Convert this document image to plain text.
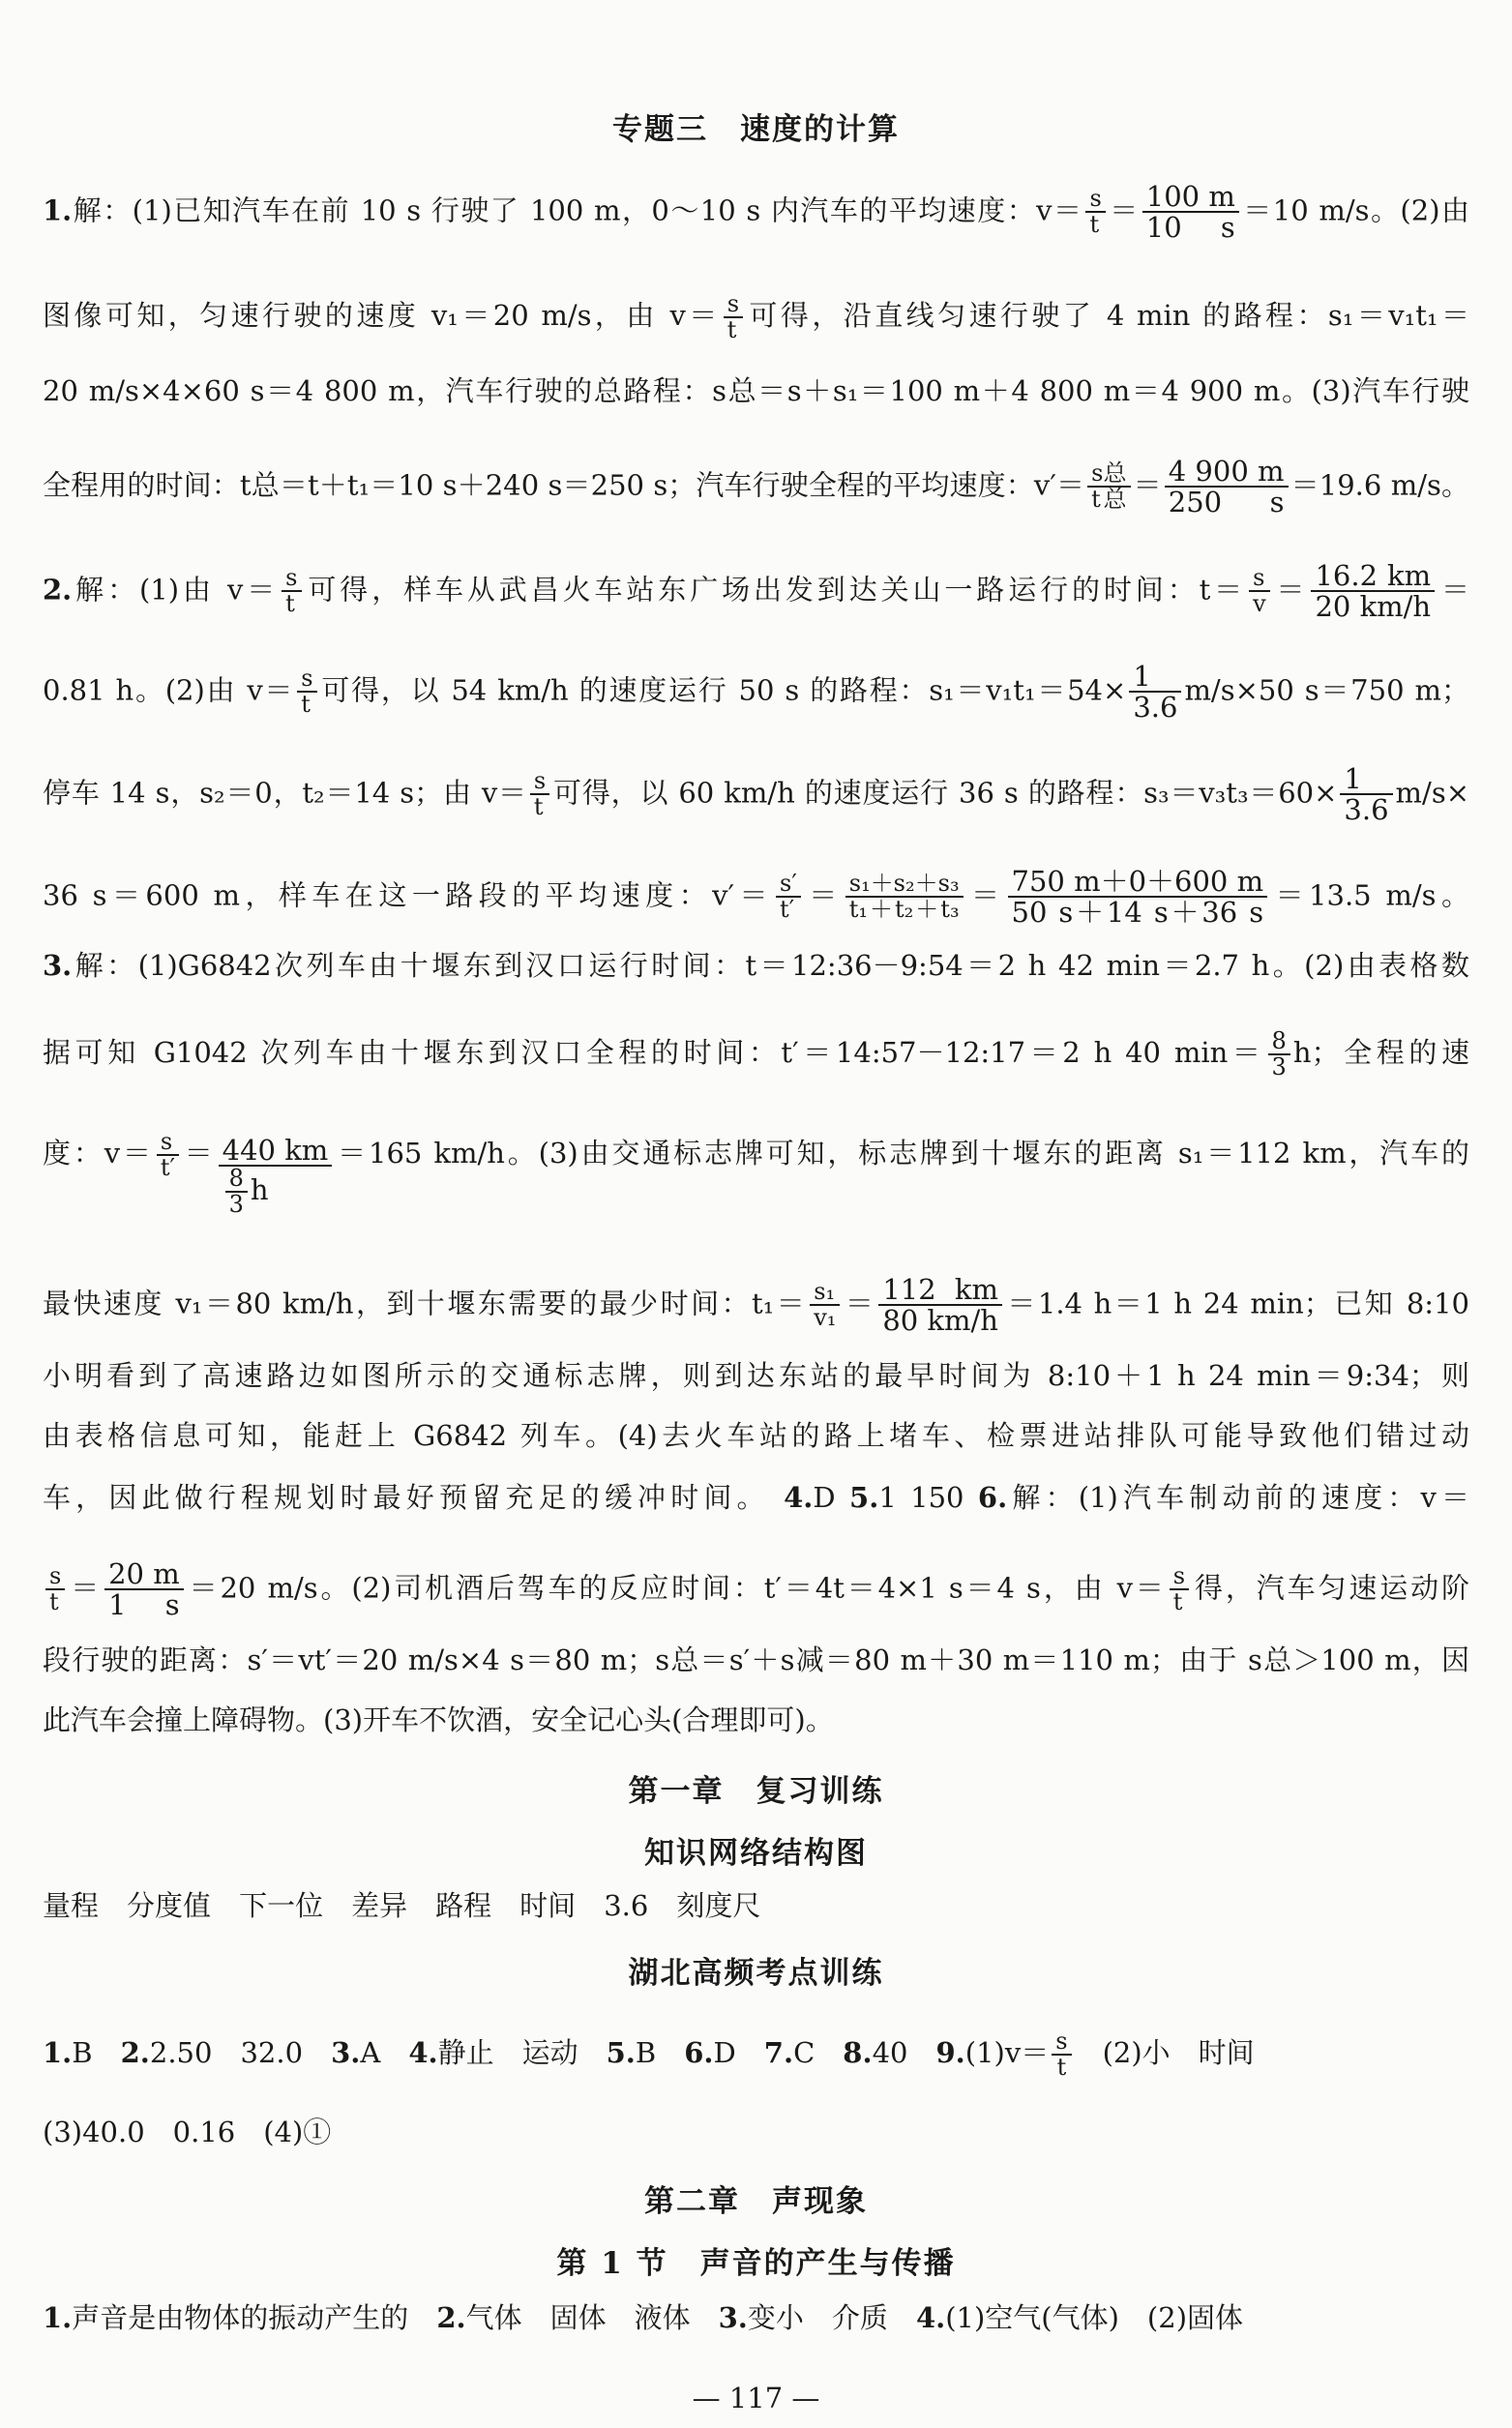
专题三　速度的计算
1.解：(1)已知汽车在前 10 s 行驶了 100 m，0～10 s 内汽车的平均速度：$v= \frac{s}{t} = \frac{100 m}{10 s} =10$ m/s。(2)由
图像可知，匀速行驶的速度 v₁＝20 m/s，由 $v= \frac{s}{t}$ 可得，沿直线匀速行驶了 4 min 的路程：s₁＝v₁t₁＝
20 m/s×4×60 s＝4 800 m，汽车行驶的总路程：s总＝s＋s₁＝100 m＋4 800 m＝4 900 m。(3)汽车行驶
全程用的时间：t总＝t＋t₁＝10 s＋240 s＝250 s；汽车行驶全程的平均速度：$v'= \frac{\text{s总}}{\text{t总}} = \frac{4 900 m}{250 s} =19.6$ m/s。
2.解：(1)由 $v= \frac{s}{t}$ 可得，样车从武昌火车站东广场出发到达关山一路运行的时间：$t= \frac{s}{v} = \frac{16.2 km}{20 km/h}$ ＝
0.81 h。(2)由 $v= \frac{s}{t}$ 可得，以 54 km/h 的速度运行 50 s 的路程：$s_1=v_1t_1=54\times \frac{1}{3.6} m/s\times 50$ s＝750 m；
停车 14 s，s₂＝0，t₂＝14 s；由 $v= \frac{s}{t}$ 可得，以 60 km/h 的速度运行 36 s 的路程：$s_3=v_3t_3=60\times \frac{1}{3.6} m/s\times$
36 s＝600 m，样车在这一路段的平均速度：$v'= \frac{s'}{t'} = \frac{\text{s₁＋s₂＋s₃}}{\text{t₁＋t₂＋t₃}} = \frac{750 m+0+600 m}{50 s+14 s+36 s} =13.5$ m/s。
3.解：(1)G6842次列车由十堰东到汉口运行时间：t＝12:36－9:54＝2 h 42 min＝2.7 h。(2)由表格数
据可知 G1042 次列车由十堰东到汉口全程的时间：t′＝14:57－12:17＝2 h 40 $\min= \frac{8}{3}$ h；全程的速
度：$v= \frac{s}{t'} = \frac{440 km}{\frac{8}{3} h} =165$ km/h。(3)由交通标志牌可知，标志牌到十堰东的距离 s₁＝112 km，汽车的
最快速度 v₁＝80 km/h，到十堰东需要的最少时间：$t_1= \frac{\text{s₁}}{\text{v₁}} = \frac{112 km}{80 km/h} =1.4$ h＝1 h 24 min；已知 8:10
小明看到了高速路边如图所示的交通标志牌，则到达东站的最早时间为 8:10＋1 h 24 min＝9:34；则
由表格信息可知，能赶上 G6842 列车。(4)去火车站的路上堵车、检票进站排队可能导致他们错过动
车，因此做行程规划时最好预留充足的缓冲时间。 4.D 5.1 150 6.解：(1)汽车制动前的速度：v＝
$\frac{s}{t} = \frac{20 m}{1 s} =20$ m/s。(2)司机酒后驾车的反应时间：t′＝4t＝4×1 s＝4 s，由 $v= \frac{s}{t}$ 得，汽车匀速运动阶
段行驶的距离：s′＝vt′＝20 m/s×4 s＝80 m；s总＝s′＋s减＝80 m＋30 m＝110 m；由于 s总＞100 m，因
此汽车会撞上障碍物。(3)开车不饮酒，安全记心头(合理即可)。
第一章　复习训练
知识网络结构图
量程　 分度值　 下一位　 差异　 路程　 时间　 3.6　 刻度尺
湖北高频考点训练
1.B　 2.2.50　32.0　 3.A　 4.静止　运动　 5.B　 6.D　 7.C　 8.40　 $9.(1)v= \frac{s}{t}$
　 (2)小　时间
(3)40.0　0.16　(4)①
第二章　声现象
第 1 节　声音的产生与传播
1.声音是由物体的振动产生的　 2.气体　固体　液体　 3.变小　介质　 4.(1)空气(气体)　(2)固体
— 117 —
